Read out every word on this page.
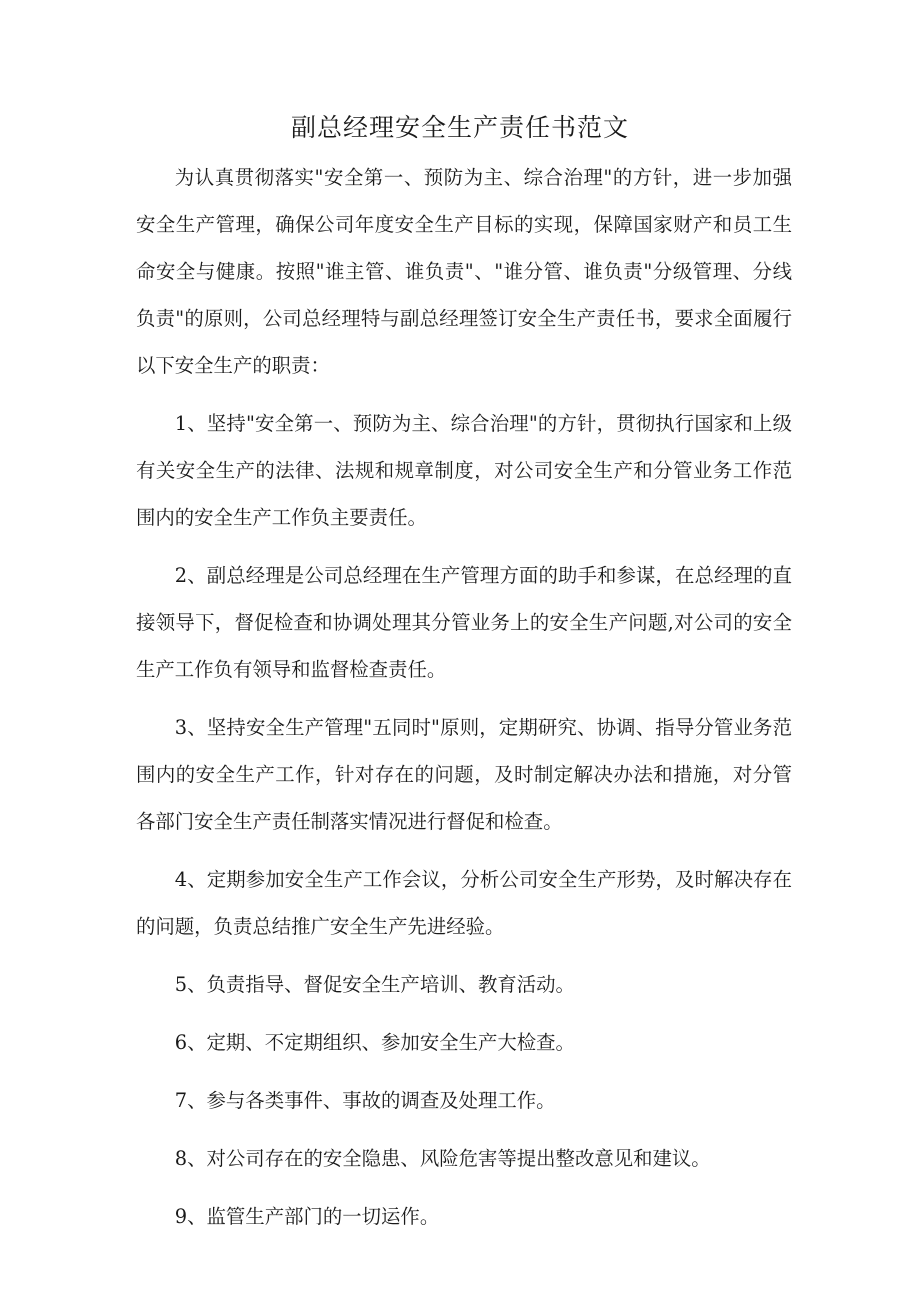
副总经理安全生产责任书范文

为认真贯彻落实"安全第一、预防为主、综合治理"的方针，进一步加强安全生产管理，确保公司年度安全生产目标的实现，保障国家财产和员工生命安全与健康。按照"谁主管、谁负责"、"谁分管、谁负责"分级管理、分线负责"的原则，公司总经理特与副总经理签订安全生产责任书，要求全面履行以下安全生产的职责：

1、坚持"安全第一、预防为主、综合治理"的方针，贯彻执行国家和上级有关安全生产的法律、法规和规章制度，对公司安全生产和分管业务工作范围内的安全生产工作负主要责任。

2、副总经理是公司总经理在生产管理方面的助手和参谋，在总经理的直接领导下，督促检查和协调处理其分管业务上的安全生产问题,对公司的安全生产工作负有领导和监督检查责任。

3、坚持安全生产管理"五同时"原则，定期研究、协调、指导分管业务范围内的安全生产工作，针对存在的问题，及时制定解决办法和措施，对分管各部门安全生产责任制落实情况进行督促和检查。

4、定期参加安全生产工作会议，分析公司安全生产形势，及时解决存在的问题，负责总结推广安全生产先进经验。

5、负责指导、督促安全生产培训、教育活动。

6、定期、不定期组织、参加安全生产大检查。

7、参与各类事件、事故的调查及处理工作。

8、对公司存在的安全隐患、风险危害等提出整改意见和建议。

9、监管生产部门的一切运作。
